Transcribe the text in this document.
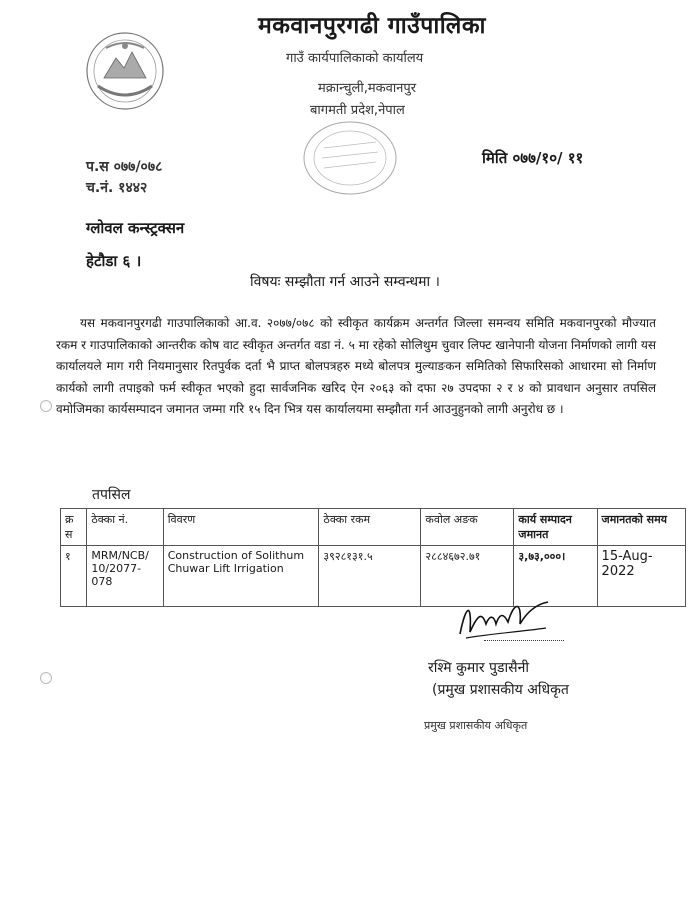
मकवानपुरगढी गाउँपालिका
गाउँ कार्यपालिकाको कार्यालय
मक्रान्चुली,मकवानपुर
बागमती प्रदेश,नेपाल
प.स ०७७/०७८
च.नं. १४४२
मिति ०७७/१०/ ११
ग्लोवल कन्स्ट्रक्सन
हेटौडा ६ ।
विषयः सम्झौता गर्न आउने सम्वन्धमा ।
यस मकवानपुरगढी गाउपालिकाको आ.व. २०७७/०७८ को स्वीकृत कार्यक्रम अन्तर्गत जिल्ला समन्वय समिति मकवानपुरको मौज्यात रकम र गाउपालिकाको आन्तरीक कोष वाट स्वीकृत अन्तर्गत वडा नं. ५ मा रहेको सोलिथुम चुवार लिफ्ट खानेपानी योजना निर्माणको लागी यस कार्यालयले माग गरी नियमानुसार रितपुर्वक दर्ता भै प्राप्त बोलपत्रहरु मध्ये बोलपत्र मुल्याङकन समितिको सिफारिसको आधारमा सो निर्माण कार्यको लागी तपाइको फर्म स्वीकृत भएको हुदा सार्वजनिक खरिद ऐन २०६३ को दफा २७ उपदफा २ र ४ को प्रावधान अनुसार तपसिल वमोजिमका कार्यसम्पादन जमानत जम्मा गरि १५ दिन भित्र यस कार्यालयमा सम्झौता गर्न आउनुहुनको लागी अनुरोध छ ।
तपसिल
क्र स	ठेक्का नं.	विवरण	ठेक्का रकम	कवोल अङक	कार्य सम्पादन जमानत	जमानतको समय
१	MRM/NCB/ 10/2077-078	Construction of Solithum Chuwar Lift Irrigation	३९२८१३१.५	२८८४६७२.७१	३,७३,०००।	15-Aug-2022
रश्मि कुमार पुडासैनी
(प्रमुख प्रशासकीय अधिकृत
प्रमुख प्रशासकीय अधिकृत
